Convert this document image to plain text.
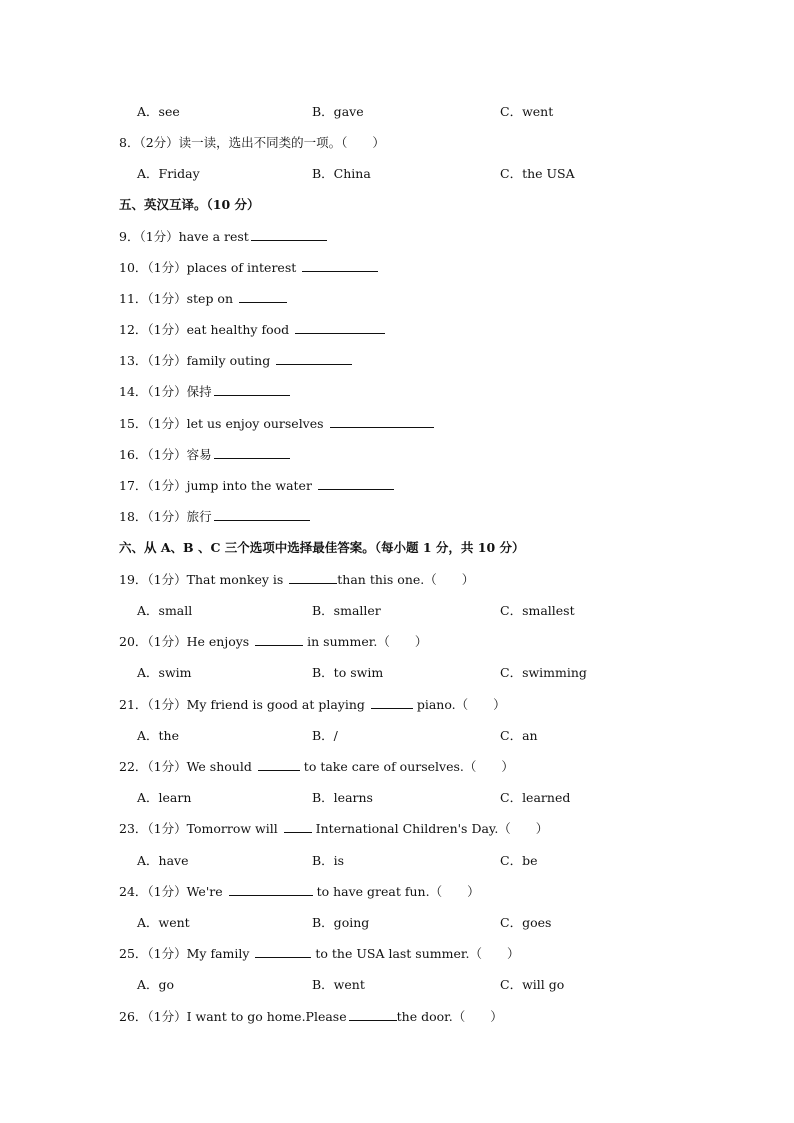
A．see	B．gave	C．went
8．（2分）读一读，选出不同类的一项。（　　）
A．Friday	B．China	C．the USA
五、英汉互译。（10 分）
9．（1分）have a rest
10．（1分）places of interest
11．（1分）step on
12．（1分）eat healthy food
13．（1分）family outing
14．（1分）保持
15．（1分）let us enjoy ourselves
16．（1分）容易
17．（1分）jump into the water
18．（1分）旅行
六、从 A、B 、C 三个选项中选择最佳答案。（每小题 1 分，共 10 分）
19．（1分）That monkey is	than this one.（　　）
A．small	B．smaller	C．smallest
20．（1分）He enjoys	in summer.（　　）
A．swim	B．to swim	C．swimming
21．（1分）My friend is good at playing	piano.（　　）
A．the	B．/	C．an
22．（1分）We should	to take care of ourselves.（　　）
A．learn	B．learns	C．learned
23．（1分）Tomorrow will  International Children's Day.（　　）
A．have	B．is	C．be
24．（1分）We're	to have great fun.（　　）
A．went	B．going	C．goes
25．（1分）My family	to the USA last summer.（　　）
A．go	B．went	C．will go
26．（1分）I want to go home.Please	the door.（　　）
